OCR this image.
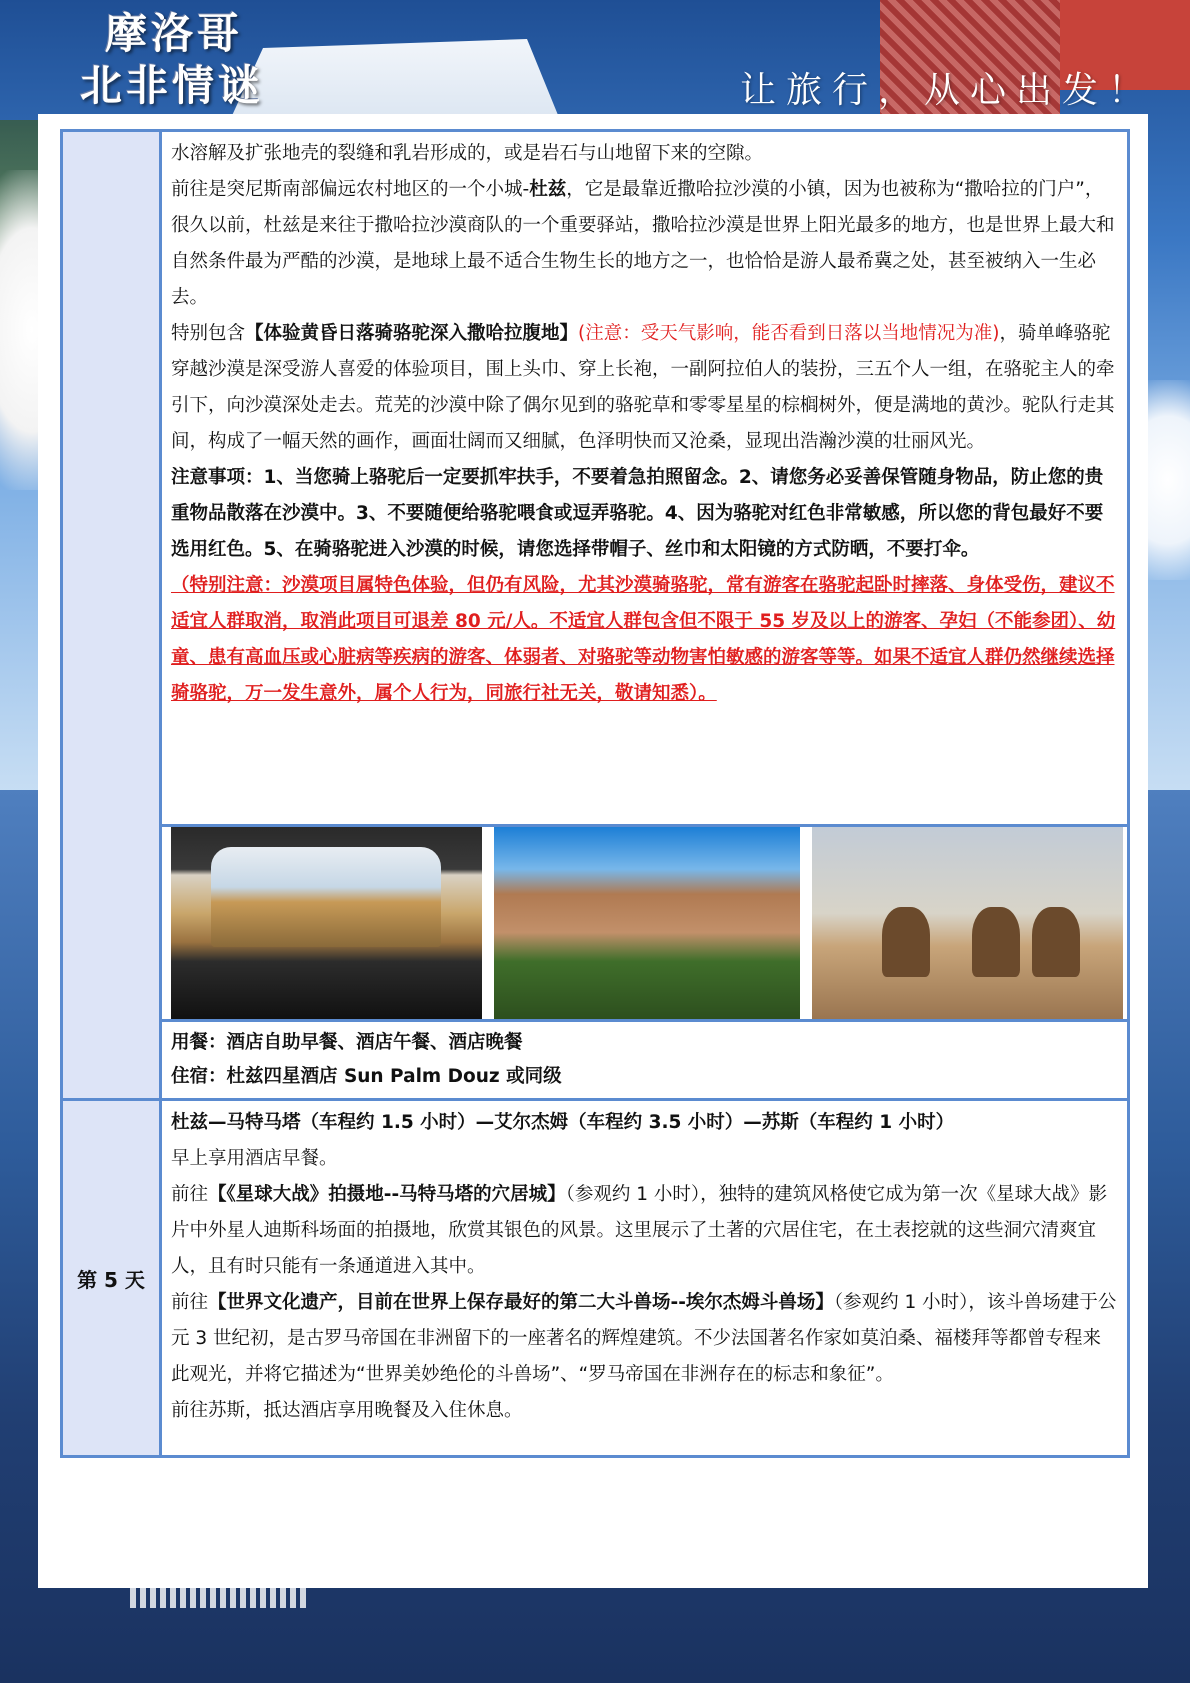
摩洛哥
北非情谜	让旅行，从心出发！

	水溶解及扩张地壳的裂缝和乳岩形成的，或是岩石与山地留下来的空隙。

前往是突尼斯南部偏远农村地区的一个小城-杜兹，它是最靠近撒哈拉沙漠的小镇，因为也被称为“撒哈拉的门户”，很久以前，杜兹是来往于撒哈拉沙漠商队的一个重要驿站，撒哈拉沙漠是世界上阳光最多的地方，也是世界上最大和自然条件最为严酷的沙漠，是地球上最不适合生物生长的地方之一，也恰恰是游人最希冀之处，甚至被纳入一生必去。

特别包含【体验黄昏日落骑骆驼深入撒哈拉腹地】(注意：受天气影响，能否看到日落以当地情况为准)，骑单峰骆驼穿越沙漠是深受游人喜爱的体验项目，围上头巾、穿上长袍，一副阿拉伯人的装扮，三五个人一组，在骆驼主人的牵引下，向沙漠深处走去。荒芜的沙漠中除了偶尔见到的骆驼草和零零星星的棕榈树外，便是满地的黄沙。驼队行走其间，构成了一幅天然的画作，画面壮阔而又细腻，色泽明快而又沧桑，显现出浩瀚沙漠的壮丽风光。

注意事项：1、当您骑上骆驼后一定要抓牢扶手，不要着急拍照留念。2、请您务必妥善保管随身物品，防止您的贵重物品散落在沙漠中。3、不要随便给骆驼喂食或逗弄骆驼。4、因为骆驼对红色非常敏感，所以您的背包最好不要选用红色。5、在骑骆驼进入沙漠的时候，请您选择带帽子、丝巾和太阳镜的方式防晒，不要打伞。

（特别注意：沙漠项目属特色体验，但仍有风险，尤其沙漠骑骆驼，常有游客在骆驼起卧时摔落、身体受伤，建议不适宜人群取消，取消此项目可退差 80 元/人。不适宜人群包含但不限于 55 岁及以上的游客、孕妇（不能参团）、幼童、患有高血压或心脏病等疾病的游客、体弱者、对骆驼等动物害怕敏感的游客等等。如果不适宜人群仍然继续选择骑骆驼，万一发生意外，属个人行为，同旅行社无关，敬请知悉）。

	用餐：酒店自助早餐、酒店午餐、酒店晚餐

住宿：杜兹四星酒店 Sun Palm Douz 或同级

第 5 天	杜兹—马特马塔（车程约 1.5 小时）—艾尔杰姆（车程约 3.5 小时）—苏斯（车程约 1 小时）

早上享用酒店早餐。

前往【《星球大战》拍摄地--马特马塔的穴居城】（参观约 1 小时），独特的建筑风格使它成为第一次《星球大战》影片中外星人迪斯科场面的拍摄地，欣赏其银色的风景。这里展示了土著的穴居住宅，在土表挖就的这些洞穴清爽宜人，且有时只能有一条通道进入其中。

前往【世界文化遗产，目前在世界上保存最好的第二大斗兽场--埃尔杰姆斗兽场】（参观约 1 小时），该斗兽场建于公元 3 世纪初，是古罗马帝国在非洲留下的一座著名的辉煌建筑。不少法国著名作家如莫泊桑、福楼拜等都曾专程来此观光，并将它描述为“世界美妙绝伦的斗兽场”、“罗马帝国在非洲存在的标志和象征”。

前往苏斯，抵达酒店享用晚餐及入住休息。
